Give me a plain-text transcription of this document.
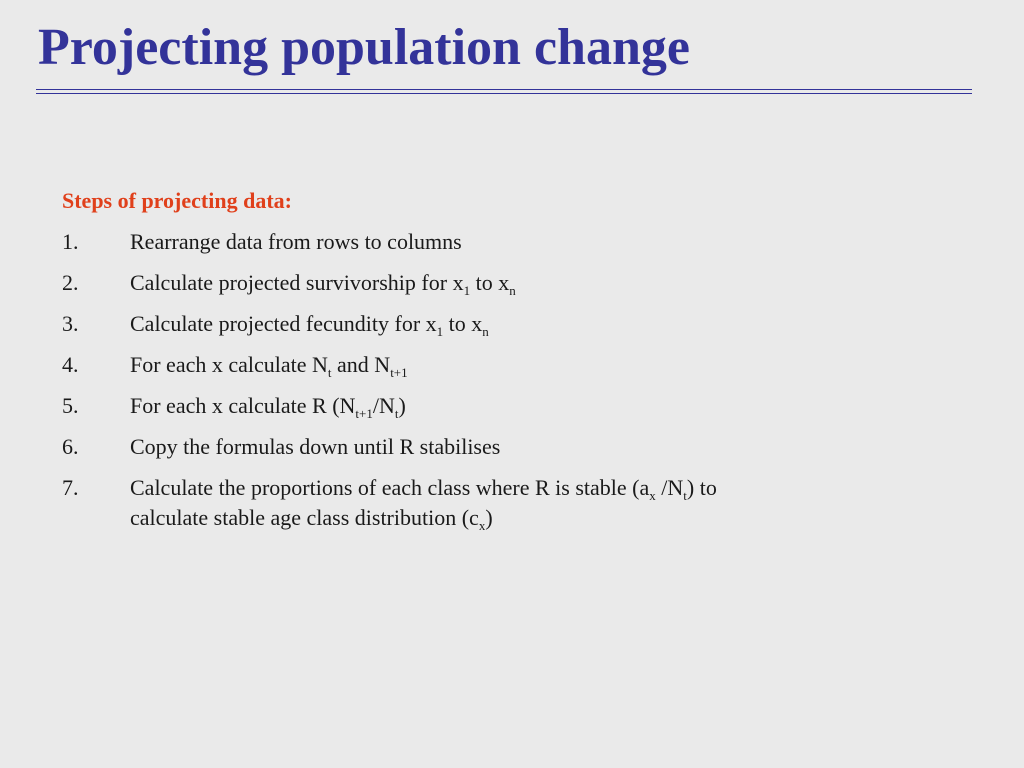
Projecting population change
Steps of projecting data:
1.	Rearrange data from rows to columns
2.	Calculate projected survivorship for $x_1$ to $x_n$
3.	Calculate projected fecundity for $x_1$ to $x_n$
4.	For each x calculate $N_t$ and $N_{t+1}$
5.	For each x calculate R $(N_{t+1}/N_t)$
6.	Copy the formulas down until R stabilises
7.	Calculate the proportions of each class where R is stable ($a_x$ $/N_t$) to
calculate stable age class distribution $(c_x)$
